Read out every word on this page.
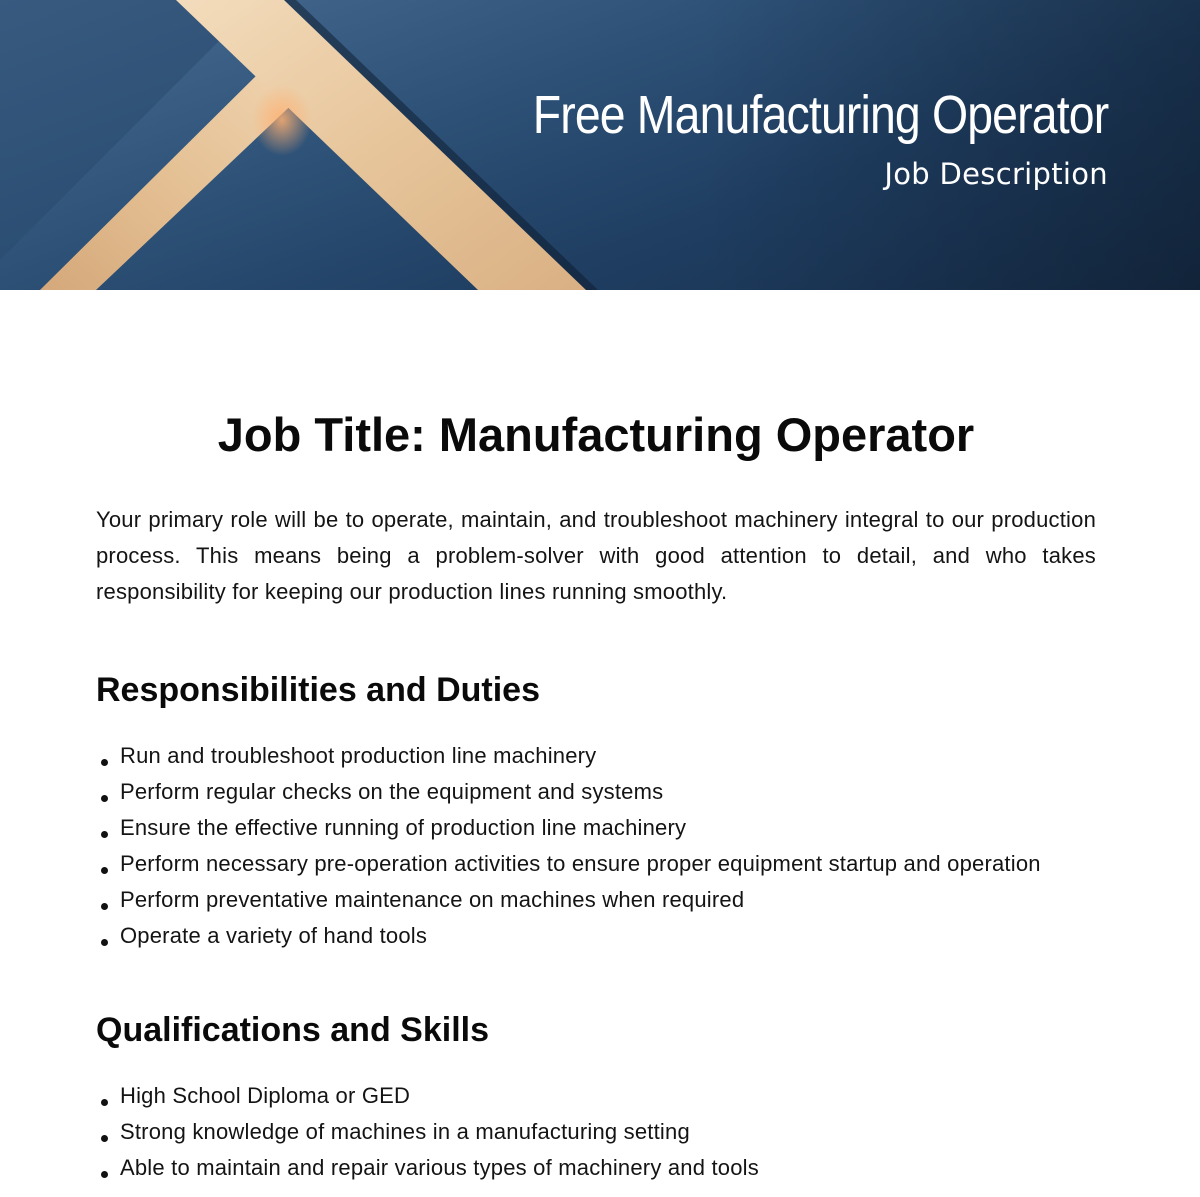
Free Manufacturing Operator

Job Description

Job Title: Manufacturing Operator

Your primary role will be to operate, maintain, and troubleshoot machinery integral to our production process. This means being a problem-solver with good attention to detail, and who takes responsibility for keeping our production lines running smoothly.

Responsibilities and Duties
Run and troubleshoot production line machinery
Perform regular checks on the equipment and systems
Ensure the effective running of production line machinery
Perform necessary pre-operation activities to ensure proper equipment startup and operation
Perform preventative maintenance on machines when required
Operate a variety of hand tools
Qualifications and Skills
High School Diploma or GED
Strong knowledge of machines in a manufacturing setting
Able to maintain and repair various types of machinery and tools
